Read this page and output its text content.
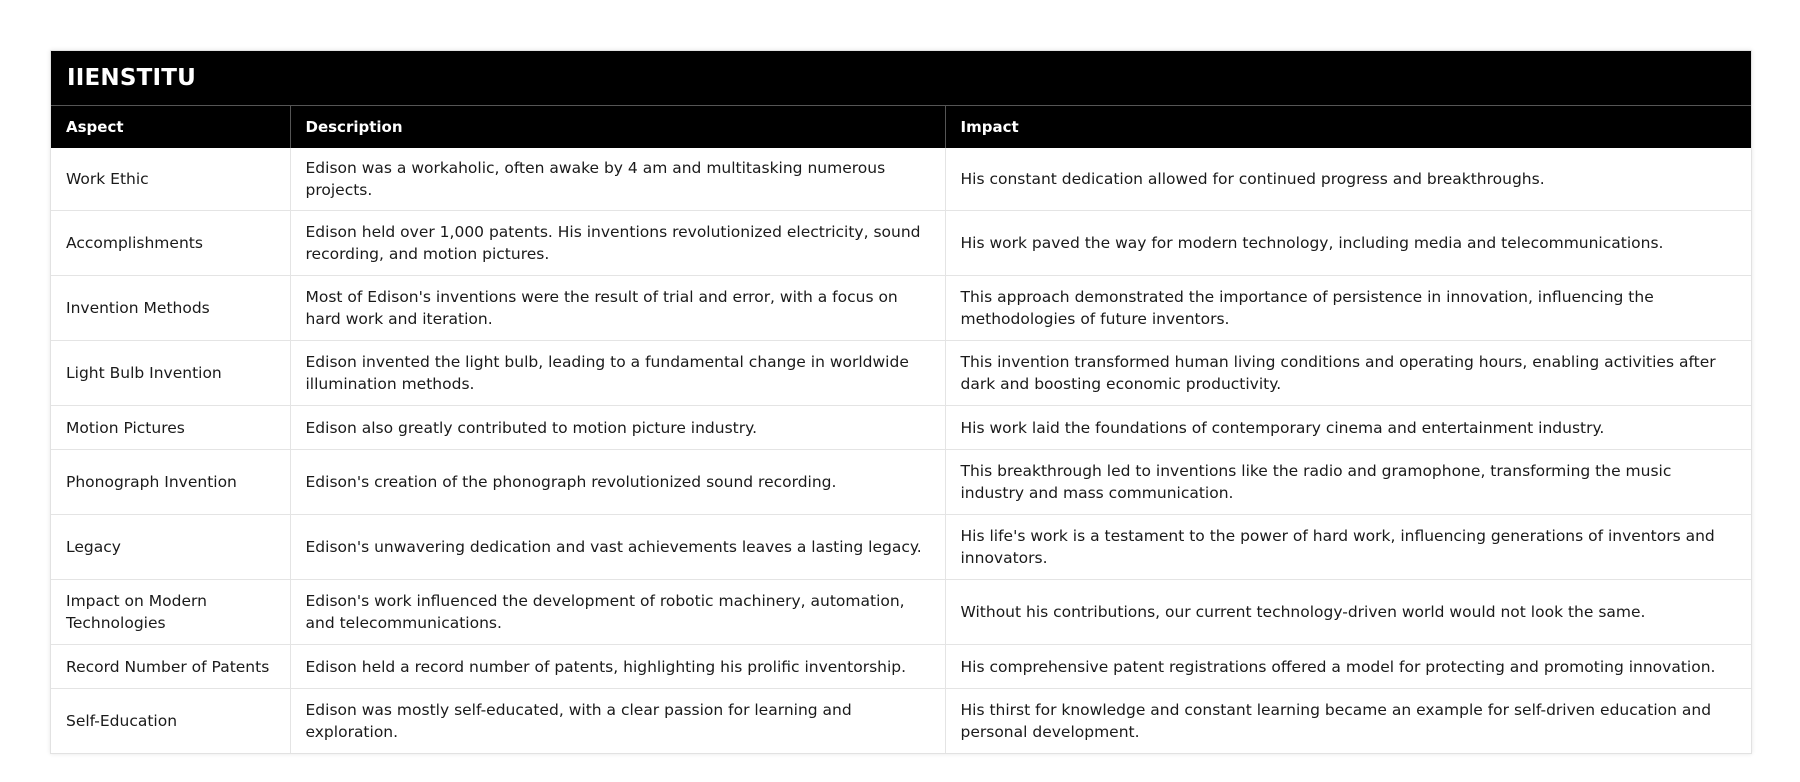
IIENSTITU
Aspect	Description	Impact
Work Ethic	Edison was a workaholic, often awake by 4 am and multitasking numerous projects.	His constant dedication allowed for continued progress and breakthroughs.
Accomplishments	Edison held over 1,000 patents. His inventions revolutionized electricity, sound recording, and motion pictures.	His work paved the way for modern technology, including media and telecommunications.
Invention Methods	Most of Edison's inventions were the result of trial and error, with a focus on hard work and iteration.	This approach demonstrated the importance of persistence in innovation, influencing the methodologies of future inventors.
Light Bulb Invention	Edison invented the light bulb, leading to a fundamental change in worldwide illumination methods.	This invention transformed human living conditions and operating hours, enabling activities after dark and boosting economic productivity.
Motion Pictures	Edison also greatly contributed to motion picture industry.	His work laid the foundations of contemporary cinema and entertainment industry.
Phonograph Invention	Edison's creation of the phonograph revolutionized sound recording.	This breakthrough led to inventions like the radio and gramophone, transforming the music industry and mass communication.
Legacy	Edison's unwavering dedication and vast achievements leaves a lasting legacy.	His life's work is a testament to the power of hard work, influencing generations of inventors and innovators.
Impact on Modern Technologies	Edison's work influenced the development of robotic machinery, automation, and telecommunications.	Without his contributions, our current technology-driven world would not look the same.
Record Number of Patents	Edison held a record number of patents, highlighting his prolific inventorship.	His comprehensive patent registrations offered a model for protecting and promoting innovation.
Self-Education	Edison was mostly self-educated, with a clear passion for learning and exploration.	His thirst for knowledge and constant learning became an example for self-driven education and personal development.
